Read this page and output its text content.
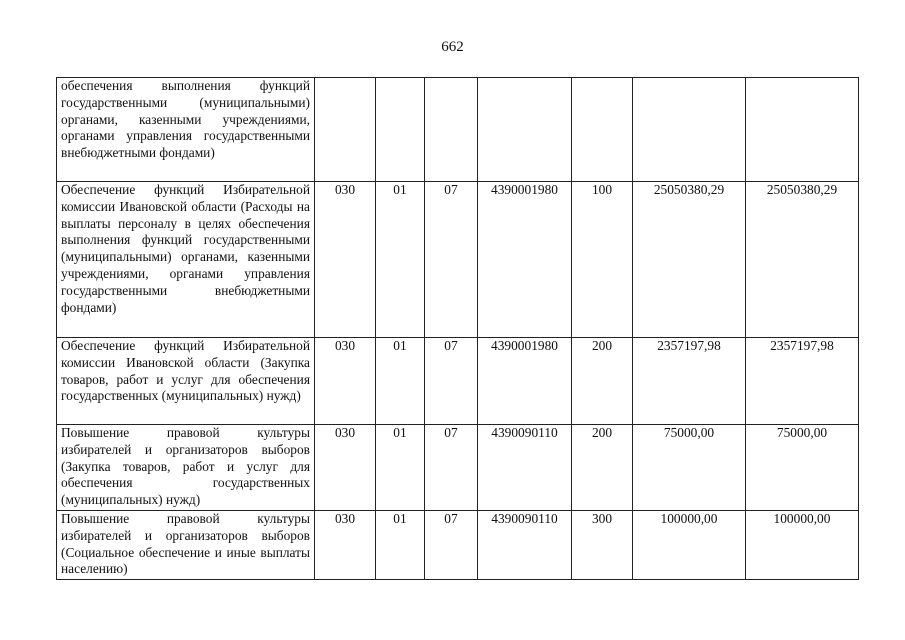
662
обеспечения выполнения функций государственными (муниципальными) органами, казенными учреждениями, органами управления государственными внебюджетными фондами)							
Обеспечение функций Избирательной комиссии Ивановской области (Расходы на выплаты персоналу в целях обеспечения выполнения функций государственными (муниципальными) органами, казенными учреждениями, органами управления государственными внебюджетными фондами)	030	01	07	4390001980	100	25050380,29	25050380,29
Обеспечение функций Избирательной комиссии Ивановской области (Закупка товаров, работ и услуг для обеспечения государственных (муниципальных) нужд)	030	01	07	4390001980	200	2357197,98	2357197,98
Повышение правовой культуры избирателей и организаторов выборов (Закупка товаров, работ и услуг для обеспечения государственных (муниципальных) нужд)	030	01	07	4390090110	200	75000,00	75000,00
Повышение правовой культуры избирателей и организаторов выборов (Социальное обеспечение и иные выплаты населению)	030	01	07	4390090110	300	100000,00	100000,00
